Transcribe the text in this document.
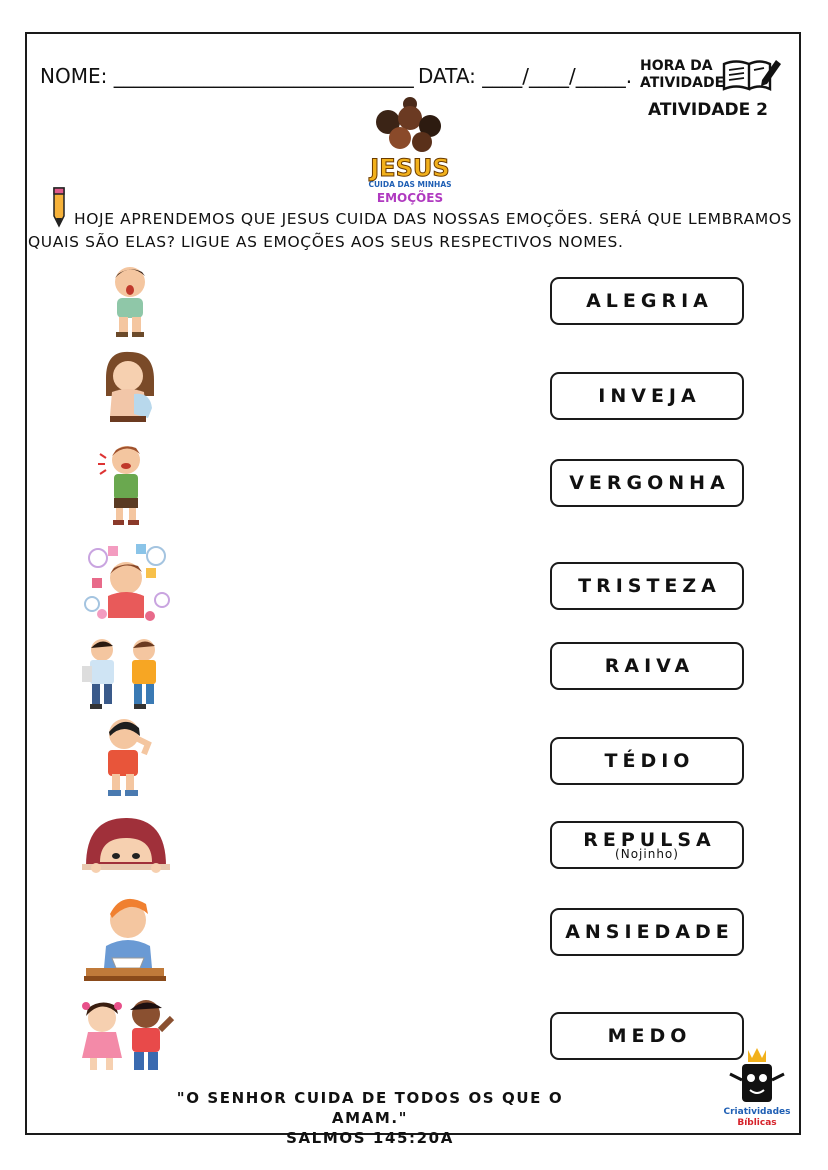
NOME: ______________________________ DATA: ____/____/_____. HORA DA
ATIVIDADE
ATIVIDADE 2
JESUS
CUIDA DAS MINHAS
EMOÇÕES
HOJE APRENDEMOS QUE JESUS CUIDA DAS NOSSAS EMOÇÕES. SERÁ QUE LEMBRAMOS
QUAIS SÃO ELAS? LIGUE AS EMOÇÕES AOS SEUS RESPECTIVOS NOMES.
ALEGRIA
INVEJA
VERGONHA
TRISTEZA
RAIVA
TÉDIO
REPULSA
(Nojinho)
ANSIEDADE
MEDO
"O SENHOR CUIDA DE TODOS OS QUE O AMAM."
SALMOS 145:20A
Criatividades
Bíblicas
